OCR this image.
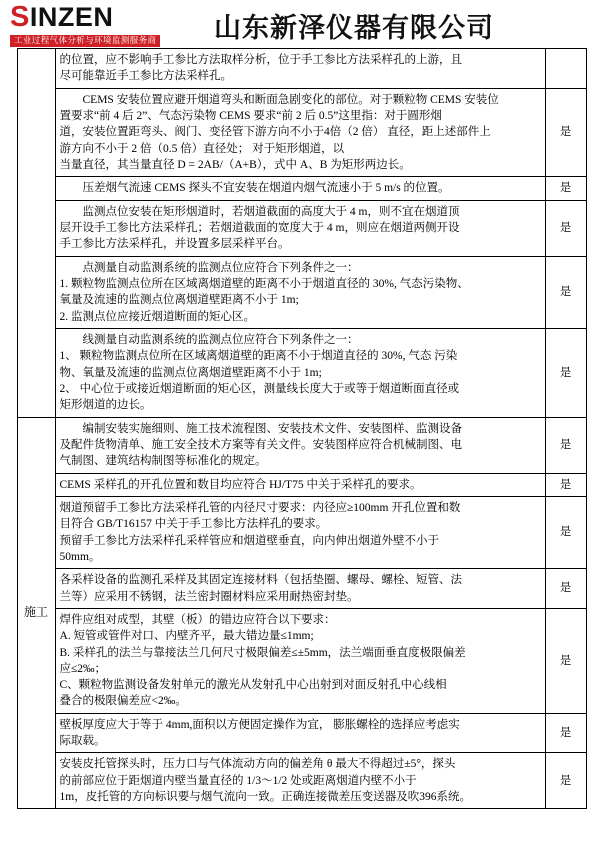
SINZEN
工业过程气体分析与环境监测服务商 山东新泽仪器有限公司

	的位置，应不影响手工参比方法取样分析，位于手工参比方法采样孔的上游，且
尽可能靠近手工参比方法采样孔。	

	CEMS 安装位置应避开烟道弯头和断面急剧变化的部位。对于颗粒物 CEMS 安装位
置要求“前 4 后 2”、气态污染物 CEMS 要求“前 2 后 0.5”这里指：对于圆形烟
道，安装位置距弯头、阀门、变径管下游方向不小于4倍（2 倍） 直径，距上述部件上
游方向不小于 2 倍（0.5 倍）直径处； 对于矩形烟道，以
当量直径，其当量直径 D = 2AB/（A+B），式中 A、B 为矩形两边长。	是

	压差烟气流速 CEMS 探头不宜安装在烟道内烟气流速小于 5 m/s 的位置。	是

	监测点位安装在矩形烟道时，若烟道截面的高度大于 4 m，则不宜在烟道顶
层开设手工参比方法采样孔；若烟道截面的宽度大于 4 m，则应在烟道两侧开设
手工参比方法采样孔，并设置多层采样平台。	是

	点测量自动监测系统的监测点位应符合下列条件之一：
1. 颗粒物监测点位所在区域离烟道壁的距离不小于烟道直径的 30%, 气态污染物、
氧量及流速的监测点位离烟道壁距离不小于 1m;
2. 监测点位应接近烟道断面的矩心区。	是

	线测量自动监测系统的监测点位应符合下列条件之一：
1、 颗粒物监测点位所在区域离烟道壁的距离不小于烟道直径的 30%, 气态 污染
物、氧量及流速的监测点位离烟道壁距离不小于 1m;
2、 中心位于或接近烟道断面的矩心区，测量线长度大于或等于烟道断面直径或
矩形烟道的边长。	是
施工	编制安装实施细则、施工技术流程图、安装技术文件、安装图样、监测设备
及配件货物清单、施工安全技术方案等有关文件。安装图样应符合机械制图、电
气制图、建筑结构制图等标准化的规定。	是

	CEMS 采样孔的开孔位置和数目均应符合 HJ/T75 中关于采样孔的要求。	是

	烟道预留手工参比方法采样孔管的内径尺寸要求：内径应≥100mm 开孔位置和数
目符合 GB/T16157 中关于手工参比方法样孔的要求。
预留手工参比方法采样孔采样管应和烟道壁垂直，向内伸出烟道外壁不小于
50mm。	是

	各采样设备的监测孔采样及其固定连接材料（包括垫圈、螺母、螺栓、短管、法
兰等）应采用不锈钢，法兰密封圈材料应采用耐热密封垫。	是

焊件应组对成型，其壁（板）的错边应符合以下要求：
A. 短管或管件对口、内壁齐平，最大错边量≤1mm;
B. 采样孔的法兰与靠接法兰几何尺寸极限偏差≤±5mm，法兰端面垂直度极限偏差
应≤2‰；
C、颗粒物监测设备发射单元的激光从发射孔中心出射到对面反射孔中心线相
叠合的极限偏差应<2‰。
	是

	壁板厚度应大于等于 4mm,面积以方便固定操作为宜， 膨胀螺栓的选择应考虑实
际取载。	是

	安装皮托管探头时，压力口与气体流动方向的偏差角 θ 最大不得超过±5°，探头
的前部应位于距烟道内壁当量直径的 1/3～1/2 处或距离烟道内壁不小于
1m，皮托管的方向标识要与烟气流向一致。正确连接微差压变送器及吹396系统。	是
